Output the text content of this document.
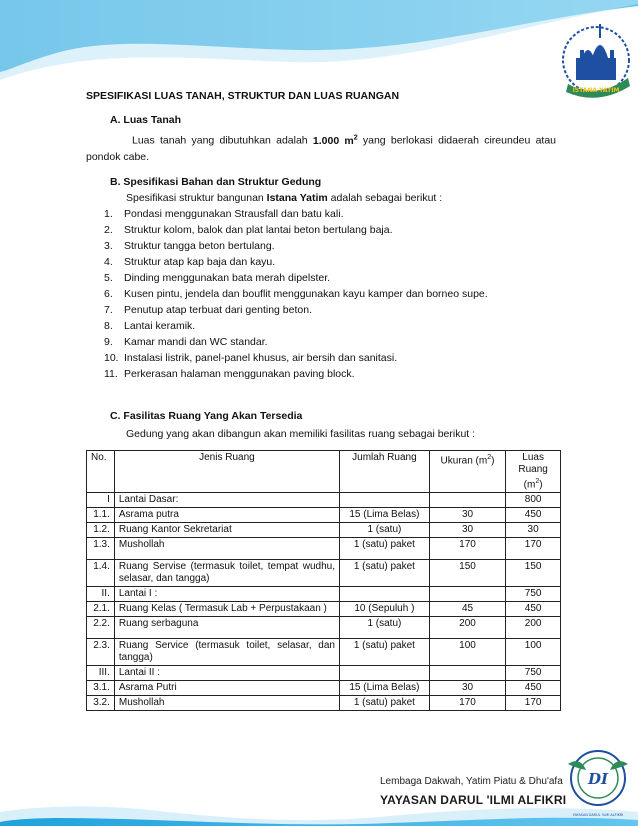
ISTANA YATIM
SPESIFIKASI LUAS TANAH, STRUKTUR DAN LUAS RUANGAN
A. Luas Tanah
Luas tanah yang dibutuhkan adalah 1.000 $m^2$ yang berlokasi didaerah cireundeu atau pondok cabe.
B. Spesifikasi Bahan dan Struktur Gedung
Spesifikasi struktur bangunan Istana Yatim adalah sebagai berikut :
1. Pondasi menggunakan Strausfall dan batu kali.
2. Struktur kolom, balok dan plat lantai beton bertulang baja.
3. Struktur tangga beton bertulang.
4. Struktur atap kap baja dan kayu.
5. Dinding menggunakan bata merah dipelster.
6. Kusen pintu, jendela dan bouflit menggunakan kayu kamper dan borneo supe.
7. Penutup atap terbuat dari genting beton.
8. Lantai keramik.
9. Kamar mandi dan WC standar.
10. Instalasi listrik, panel-panel khusus, air bersih dan sanitasi.
11. Perkerasan halaman menggunakan paving block.
C. Fasilitas Ruang Yang Akan Tersedia
Gedung yang akan dibangun akan memiliki fasilitas ruang sebagai berikut :
No.	Jenis Ruang	Jumlah Ruang	Ukuran $(m^2)$	Luas Ruang $(m^2)$
I	Lantai Dasar:			800
1.1.	Asrama putra	15 (Lima Belas)	30	450
1.2.	Ruang Kantor Sekretariat	1 (satu)	30	30
1.3.	Mushollah	1 (satu) paket	170	170
1.4.	Ruang Servise (termasuk toilet, tempat wudhu, selasar, dan tangga)	1 (satu) paket	150	150
II.	Lantai I :			750
2.1.	Ruang Kelas ( Termasuk Lab + Perpustakaan )	10 (Sepuluh )	45	450
2.2.	Ruang serbaguna	1 (satu)	200	200
2.3.	Ruang Service (termasuk toilet, selasar, dan tangga)	1 (satu) paket	100	100
III.	Lantai II :			750
3.1.	Asrama Putri	15 (Lima Belas)	30	450
3.2.	Mushollah	1 (satu) paket	170	170
Lembaga Dakwah, Yatim Piatu & Dhu'afa
YAYASAN DARUL 'ILMI ALFIKRI
DI
YAYASAN DARUL 'ILMI ALFIKRI
